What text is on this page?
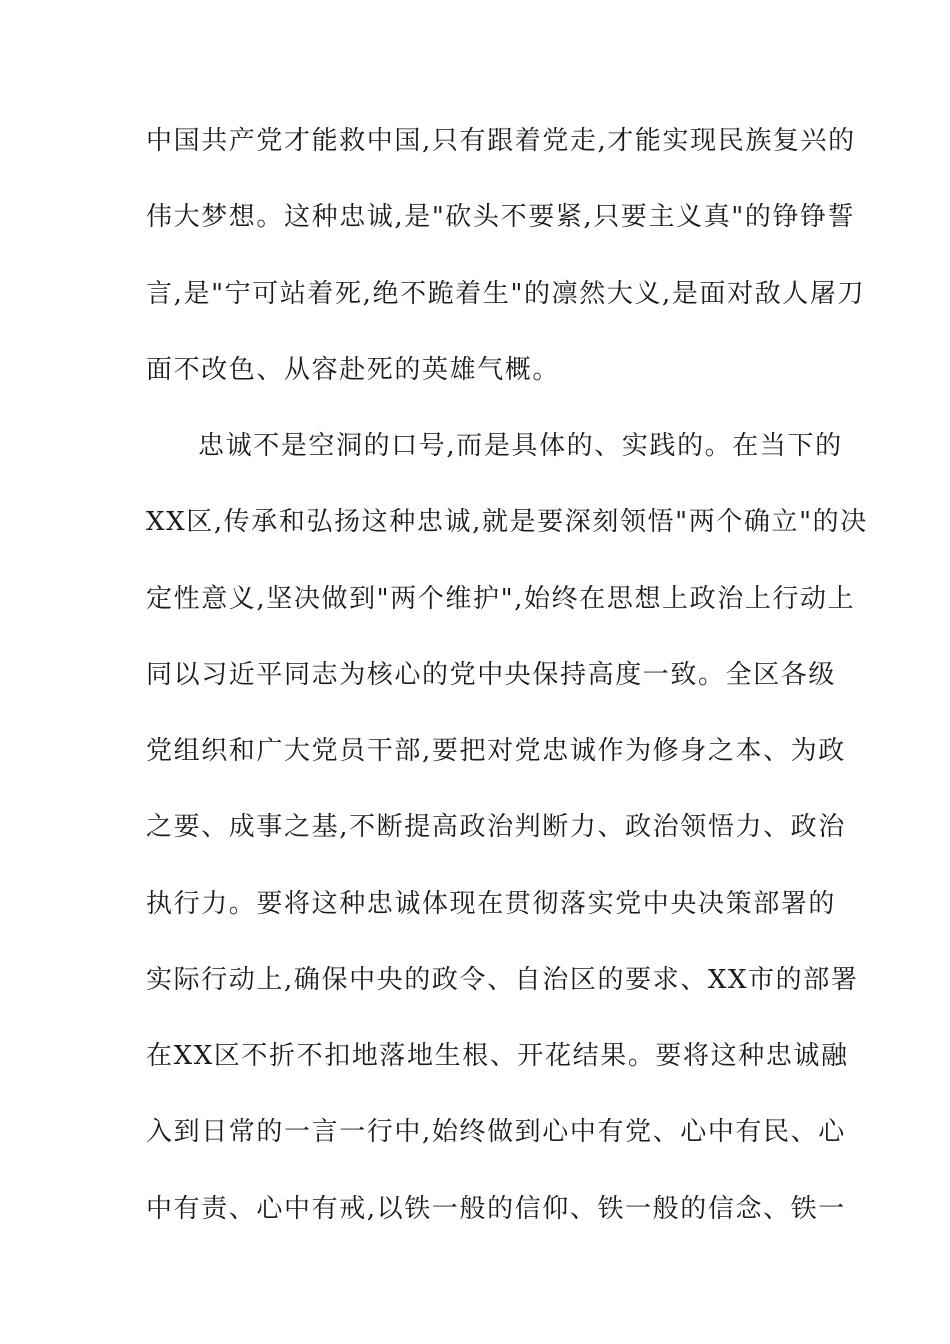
中国共产党才能救中国,只有跟着党走,才能实现民族复兴的
伟大梦想。这种忠诚,是"砍头不要紧,只要主义真"的铮铮誓
言,是"宁可站着死,绝不跪着生"的凛然大义,是面对敌人屠刀
面不改色、从容赴死的英雄气概。
忠诚不是空洞的口号,而是具体的、实践的。在当下的
XX区,传承和弘扬这种忠诚,就是要深刻领悟"两个确立"的决
定性意义,坚决做到"两个维护",始终在思想上政治上行动上
同以习近平同志为核心的党中央保持高度一致。全区各级
党组织和广大党员干部,要把对党忠诚作为修身之本、为政
之要、成事之基,不断提高政治判断力、政治领悟力、政治
执行力。要将这种忠诚体现在贯彻落实党中央决策部署的
实际行动上,确保中央的政令、自治区的要求、XX市的部署
在XX区不折不扣地落地生根、开花结果。要将这种忠诚融
入到日常的一言一行中,始终做到心中有党、心中有民、心
中有责、心中有戒,以铁一般的信仰、铁一般的信念、铁一
